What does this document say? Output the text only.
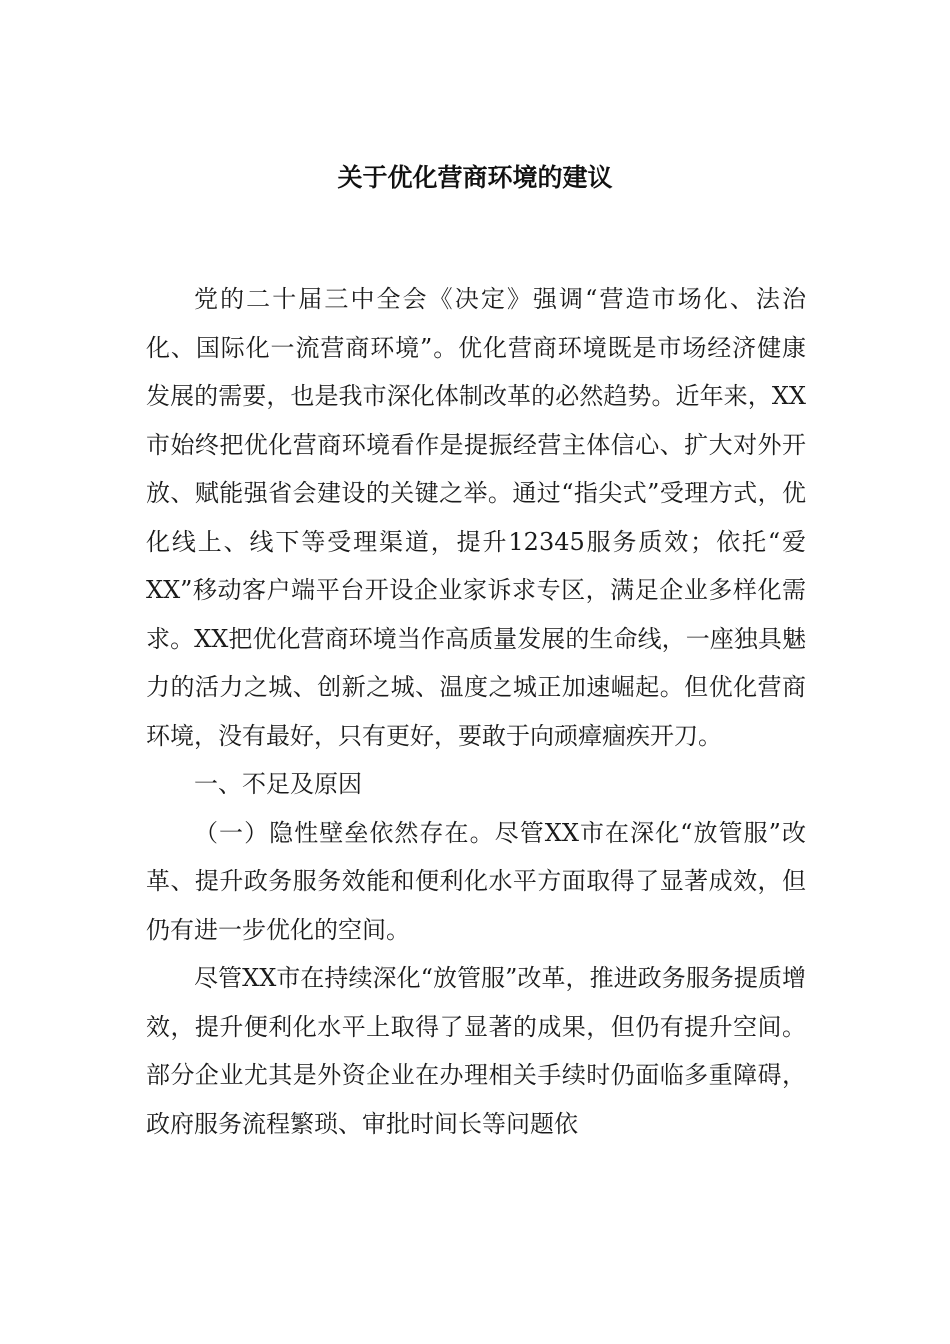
关于优化营商环境的建议

党的二十届三中全会《决定》强调“营造市场化、法治化、国际化一流营商环境”。优化营商环境既是市场经济健康发展的需要，也是我市深化体制改革的必然趋势。近年来，XX市始终把优化营商环境看作是提振经营主体信心、扩大对外开放、赋能强省会建设的关键之举。通过“指尖式”受理方式，优化线上、线下等受理渠道，提升12345服务质效；依托“爱XX”移动客户端平台开设企业家诉求专区，满足企业多样化需求。XX把优化营商环境当作高质量发展的生命线，一座独具魅力的活力之城、创新之城、温度之城正加速崛起。但优化营商环境，没有最好，只有更好，要敢于向顽瘴痼疾开刀。

一、不足及原因

（一）隐性壁垒依然存在。尽管XX市在深化“放管服”改革、提升政务服务效能和便利化水平方面取得了显著成效，但仍有进一步优化的空间。

尽管XX市在持续深化“放管服”改革，推进政务服务提质增效，提升便利化水平上取得了显著的成果，但仍有提升空间。部分企业尤其是外资企业在办理相关手续时仍面临多重障碍，政府服务流程繁琐、审批时间长等问题依
